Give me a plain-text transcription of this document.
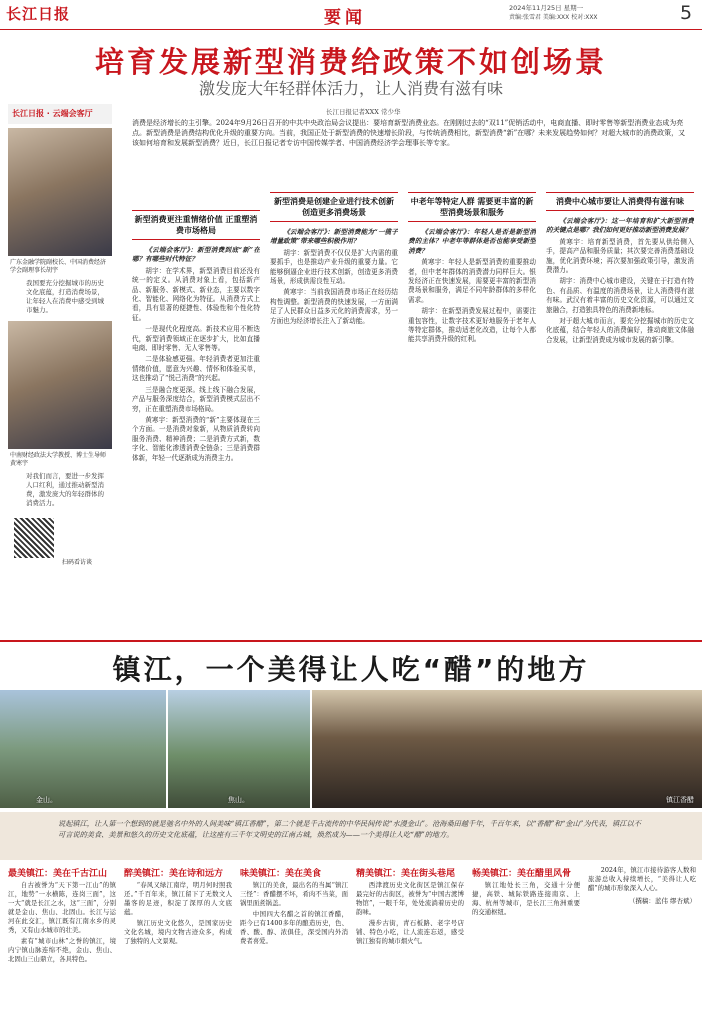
长江日报	要闻	2024年11月25日 星期一
责编:张雪君 美编:XXX 校对:XXX	5
培育发展新型消费给政策不如创场景
激发庞大年轻群体活力，让人消费有滋有味
长江日报 · 云端会客厅
广东金融学院副校长、中国消费经济学会副理事长胡宇
我国要充分挖掘城市的历史文化底蕴，打造消费场景，让年轻人在消费中感受到城市魅力。
中南财经政法大学教授、博士生导师黄寒宇
对我们而言，要进一步发挥人口红利，通过推动新型消费，激发庞大的年轻群体的消费活力。
扫码看访谈
长江日报记者XXX 常少华
消费是经济增长的主引擎。2024年9月26日召开的中共中央政治局会议提出：要培育新型消费业态。在刚刚过去的“双11”促销活动中，电商直播、即时零售等新型消费业态成为亮点。新型消费是消费结构优化升级的重要方向。当前，我国正处于新型消费的快速增长阶段，与传统消费相比，新型消费“新”在哪？未来发展趋势如何？对超大城市的消费政策，又该如何培育和发展新型消费？近日，长江日报记者专访中国传媒学者、中国消费经济学会理事长等专家。
新型消费更注重情绪价值 正重塑消费市场格局

《云端会客厅》：新型消费到底“新”在哪？有哪些时代特征？

胡宇：在学术界，新型消费目前还没有统一的定义。从消费对象上看，包括新产品、新服务、新模式、新业态，主要以数字化、智能化、网络化为特征。从消费方式上看，具有显著的便捷性、体验性和个性化特征。

一是现代化程度高。新技术应用不断迭代，新型消费领域正在逐步扩大，比如直播电商、即时零售、无人零售等。

二是体验感更强。年轻消费者更加注重情绪价值，愿意为兴趣、情怀和体验买单，这也推动了“悦己消费”的兴起。

三是融合度更深。线上线下融合发展，产品与服务深度结合，新型消费模式层出不穷，正在重塑消费市场格局。

黄寒宇：新型消费的“新”主要体现在三个方面。一是消费对象新，从物质消费转向服务消费、精神消费；二是消费方式新，数字化、智能化渗透消费全链条；三是消费群体新，年轻一代逐渐成为消费主力。

新型消费是创建企业进行技术创新 创造更多消费场景

《云端会客厅》：新型消费能为“一揽子增量政策”带来哪些积极作用？

胡宇：新型消费不仅仅是扩大内需的重要抓手，也是推动产业升级的重要力量。它能够倒逼企业进行技术创新，创造更多消费场景，形成供需良性互动。

黄寒宇：当前我国消费市场正在经历结构性调整。新型消费的快速发展，一方面满足了人民群众日益多元化的消费需求，另一方面也为经济增长注入了新动能。

中老年等特定人群 需要更丰富的新型消费场景和服务

《云端会客厅》：年轻人是否是新型消费的主体？中老年等群体是否也能享受新型消费？

黄寒宇：年轻人是新型消费的重要推动者，但中老年群体的消费潜力同样巨大。银发经济正在快速发展，需要更丰富的新型消费场景和服务，满足不同年龄群体的多样化需求。

胡宇：在新型消费发展过程中，需要注重包容性，让数字技术更好地服务于老年人等特定群体，推动适老化改造，让每个人都能共享消费升级的红利。

消费中心城市要让人消费得有滋有味

《云端会客厅》：这一年培育和扩大新型消费的关键点是哪？我们如何更好推动新型消费发展？

黄寒宇：培育新型消费，首先要从供给侧入手，提高产品和服务质量；其次要完善消费基础设施，优化消费环境；再次要加强政策引导，激发消费潜力。

胡宇：消费中心城市建设，关键在于打造有特色、有品质、有温度的消费场景，让人消费得有滋有味。武汉有着丰富的历史文化资源，可以通过文旅融合，打造独具特色的消费新地标。

对于超大城市而言，要充分挖掘城市的历史文化底蕴，结合年轻人的消费偏好，推动商旅文体融合发展，让新型消费成为城市发展的新引擎。

镇江，一个美得让人吃“醋”的地方
金山。	焦山。	镇江香醋
说起镇江，让人第一个想到的就是驰名中外的人间美味“镇江香醋”，第二个就是千古流传的中华民间传说“水漫金山”。沧海桑田越千年，千百年来，以“香醋”和“金山”为代表，镇江以不可言说的美食、美景和悠久的历史文化底蕴，让这座有三千年文明史的江南古城，焕然成为——一个美得让人吃“醋”的地方。

最美镇江：美在千古江山

自古被誉为“天下第一江山”的镇江，地势“一水横陈，连岗三面”，这一大“就是长江之水，这“三面”，分别就是金山、焦山、北固山。长江与运河在此交汇，镇江既有江南水乡的灵秀，又有山水城市的壮美。

素有“城市山林”之誉的镇江，境内宁镇山脉连绵不绝，金山、焦山、北固山三山鼎立，各具特色。

醉美镇江：美在诗和远方

“春风又绿江南岸，明月何时照我还。”千百年来，镇江留下了无数文人墨客的足迹，积淀了深厚的人文底蕴。

镇江历史文化悠久，是国家历史文化名城，境内文物古迹众多，构成了独特的人文景观。

味美镇江：美在美食

镇江的美食，最出名的当属“镇江三怪”：香醋摆不坏，肴肉不当菜，面锅里面煮锅盖。

中国四大名醋之首的镇江香醋，距今已有1400多年的酿造历史，色、香、酸、醇、浓俱佳，深受国内外消费者喜爱。

精美镇江：美在街头巷尾

西津渡历史文化街区是镇江保存最完好的古街区，被誉为“中国古渡博物馆”，一眼千年，处处流淌着历史的韵味。

漫步古街，青石板路、老字号店铺、特色小吃，让人流连忘返，感受镇江独有的城市烟火气。

畅美镇江：美在醋里风骨

镇江地处长三角，交通十分便捷，高铁、城际铁路连接南京、上海、杭州等城市，是长江三角洲重要的交通枢纽。

2024年，镇江市接待游客人数和旅游总收入持续增长，“美得让人吃醋”的城市形象深入人心。

（撰稿：蓝伟 缪杏斌）
